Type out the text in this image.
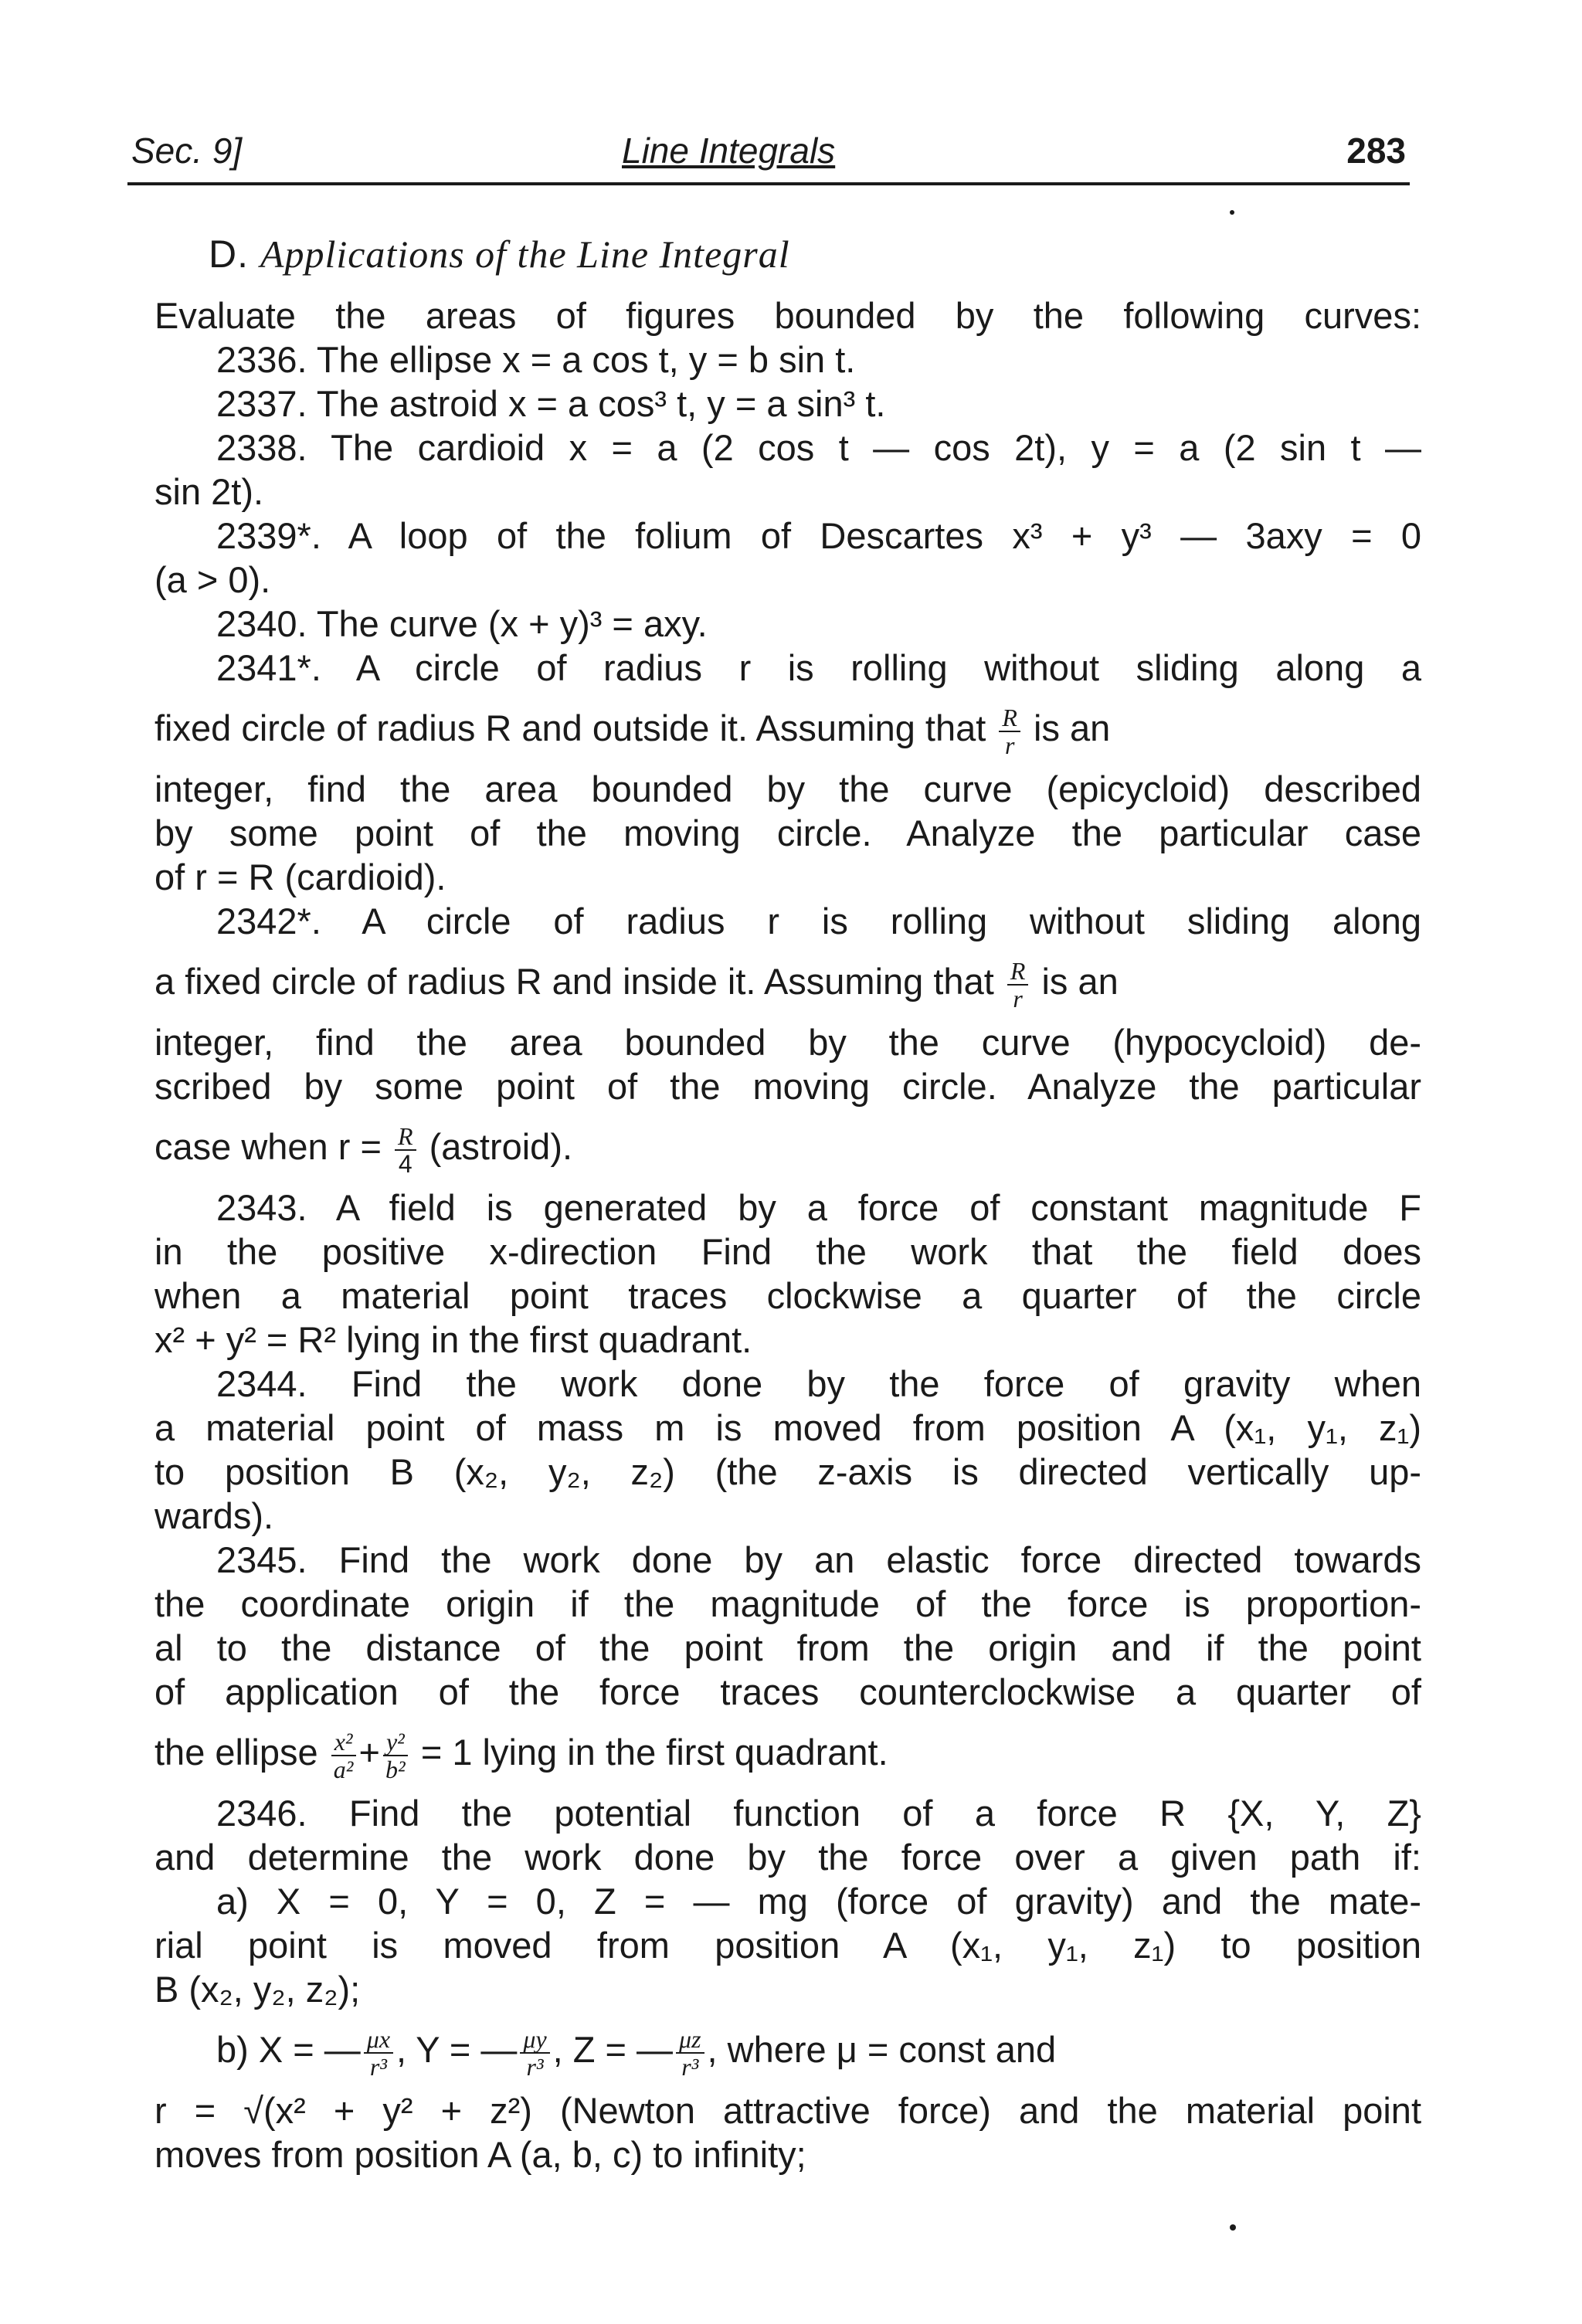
Sec. 9]	Line Integrals	283
D. Applications of the Line Integral
Evaluate the areas of figures bounded by the following curves:
2336. The ellipse x = a cos t, y = b sin t.
2337. The astroid x = a cos³ t, y = a sin³ t.
2338. The cardioid x = a (2 cos t — cos 2t), y = a (2 sin t —
sin 2t).
2339*. A loop of the folium of Descartes x³ + y³ — 3axy = 0
(a > 0).
2340. The curve (x + y)³ = axy.
2341*. A circle of radius r is rolling without sliding along a
fixed circle of radius R and outside it. Assuming that $\frac{R}{r}$ is an
integer, find the area bounded by the curve (epicycloid) described
by some point of the moving circle. Analyze the particular case
of r = R (cardioid).
2342*. A circle of radius r is rolling without sliding along
a fixed circle of radius R and inside it. Assuming that $\frac{R}{r}$ is an
integer, find the area bounded by the curve (hypocycloid) de-
scribed by some point of the moving circle. Analyze the particular
case when $r = \frac{R}{4}$ (astroid).
2343. A field is generated by a force of constant magnitude F
in the positive x-direction Find the work that the field does
when a material point traces clockwise a quarter of the circle
x² + y² = R² lying in the first quadrant.
2344. Find the work done by the force of gravity when
a material point of mass m is moved from position A (x₁, y₁, z₁)
to position B (x₂, y₂, z₂) (the z-axis is directed vertically up-
wards).
2345. Find the work done by an elastic force directed towards
the coordinate origin if the magnitude of the force is proportion-
al to the distance of the point from the origin and if the point
of application of the force traces counterclockwise a quarter of
the ellipse $\frac{\text{x²}}{\text{a²}} + \frac{\text{y²}}{\text{b²}} = 1$ lying in the first quadrant.
2346. Find the potential function of a force R {X, Y, Z}
and determine the work done by the force over a given path if:
a) X = 0, Y = 0, Z = — mg (force of gravity) and the mate-
rial point is moved from position A (x₁, y₁, z₁) to position
B (x₂, y₂, z₂);
b) X = — $\frac{\mu x}{\text{r³}}$ , Y = — $\frac{\mu y}{\text{r³}}$ , Z = — $\frac{\mu z}{\text{r³}}$ , where μ = const and
r = √(x² + y² + z²) (Newton attractive force) and the material point
moves from position A (a, b, c) to infinity;
